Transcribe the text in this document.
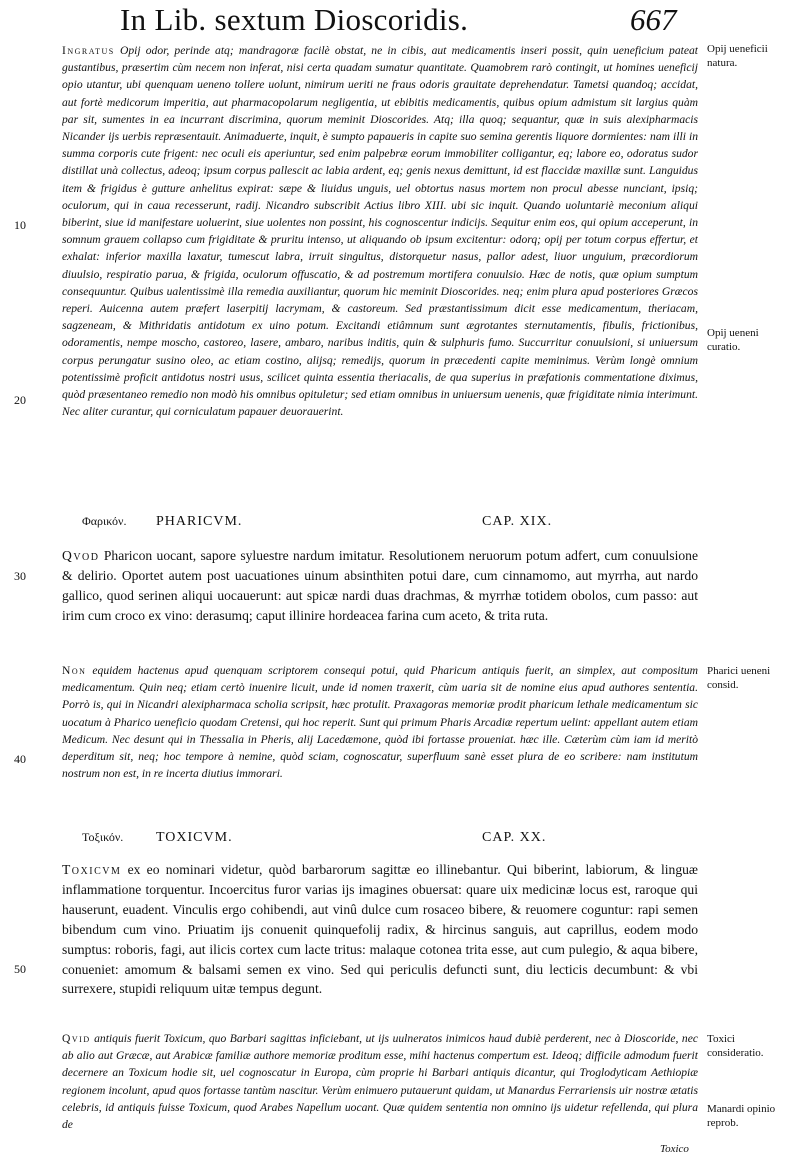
In Lib. sextum Dioscoridis.	667
10
20
30
40
50
Opij ueneficii natura.
Opij ueneni curatio.
Pharici ueneni consid.
Toxici consideratio.
Manardi opinio reprob.

Ingratus Opij odor, perinde atq; mandragoræ facilè obstat, ne in cibis, aut medicamentis inseri possit, quin ueneficium pateat gustantibus, præsertim cùm necem non inferat, nisi certa quadam sumatur quantitate. Quamobrem rarò contingit, ut homines ueneficij opio utantur, ubi quenquam ueneno tollere uolunt, nimirum ueriti ne fraus odoris grauitate deprehendatur. Tametsi quandoq; accidat, aut fortè medicorum imperitia, aut pharmacopolarum negligentia, ut ebibitis medicamentis, quibus opium admistum sit largius quàm par sit, sumentes in ea incurrant discrimina, quorum meminit Dioscorides. Atq; illa quoq; sequantur, quæ in suis alexipharmacis Nicander ijs uerbis repræsentauit. Animaduerte, inquit, è sumpto papaueris in capite suo semina gerentis liquore dormientes: nam illi in summa corporis cute frigent: nec oculi eis aperiuntur, sed enim palpebræ eorum immobiliter colligantur, eq; labore eo, odoratus sudor distillat unà collectus, adeoq; ipsum corpus pallescit ac labia ardent, eq; genis nexus demittunt, id est flaccidæ maxillæ sunt. Languidus item & frigidus è gutture anhelitus expirat: sæpe & liuidus unguis, uel obtortus nasus mortem non procul abesse nunciant, ipsiq; oculorum, qui in caua recesserunt, radij. Nicandro subscribit Actius libro XIII. ubi sic inquit. Quando uoluntariè meconium aliqui biberint, siue id manifestare uoluerint, siue uolentes non possint, his cognoscentur indicijs. Sequitur enim eos, qui opium acceperunt, in somnum grauem collapso cum frigiditate & pruritu intenso, ut aliquando ob ipsum excitentur: odorq; opij per totum corpus effertur, et exhalat: inferior maxilla laxatur, tumescut labra, irruit singultus, distorquetur nasus, pallor adest, liuor unguium, præcordiorum diuulsio, respiratio parua, & frigida, oculorum offuscatio, & ad postremum mortifera conuulsio. Hæc de notis, quæ opium sumptum consequuntur. Quibus ualentissimè illa remedia auxiliantur, quorum hic meminit Dioscorides. neq; enim plura apud posteriores Græcos reperi. Auicenna autem præfert laserpitij lacrymam, & castoreum. Sed præstantissimum dicit esse medicamentum, theriacam, sagzeneam, & Mithridatis antidotum ex uino potum. Excitandi etiâmnum sunt ægrotantes sternutamentis, fibulis, frictionibus, odoramentis, nempe moscho, castoreo, lasere, ambaro, naribus inditis, quin & sulphuris fumo. Succurritur conuulsioni, si uniuersum corpus perungatur susino oleo, ac etiam costino, alijsq; remedijs, quorum in præcedenti capite meminimus. Verùm longè omnium potentissimè proficit antidotus nostri usus, scilicet quinta essentia theriacalis, de qua superius in præfationis commentatione diximus, quòd præsentaneo remedio non modò his omnibus opituletur; sed etiam omnibus in uniuersum uenenis, quæ frigiditate nimia interimunt. Nec aliter curantur, qui corniculatum papauer deuorauerint.

Φαρικόν. PHARICVM.	CAP. XIX.

Qvod Pharicon uocant, sapore syluestre nardum imitatur. Resolutionem neruorum potum adfert, cum conuulsione & delirio. Oportet autem post uacuationes uinum absinthiten potui dare, cum cinnamomo, aut myrrha, aut nardo gallico, quod serinen aliqui uocauerunt: aut spicæ nardi duas drachmas, & myrrhæ totidem obolos, cum passo: aut irim cum croco ex vino: derasumq; caput illinire hordeacea farina cum aceto, & trita ruta.

Non equidem hactenus apud quenquam scriptorem consequi potui, quid Pharicum antiquis fuerit, an simplex, aut compositum medicamentum. Quin neq; etiam certò inuenire licuit, unde id nomen traxerit, cùm uaria sit de nomine eius apud authores sententia. Porrò is, qui in Nicandri alexipharmaca scholia scripsit, hæc protulit. Praxagoras memoriæ prodit pharicum lethale medicamentum sic uocatum à Pharico ueneficio quodam Cretensi, qui hoc reperit. Sunt qui primum Pharis Arcadiæ repertum uelint: appellant autem etiam Medicum. Nec desunt qui in Thessalia in Pheris, alij Lacedæmone, quòd ibi fortasse proueniat. hæc ille. Cæterùm cùm iam id meritò deperditum sit, neq; hoc tempore à nemine, quòd sciam, cognoscatur, superfluum sanè esset plura de eo scribere: nam institutum nostrum non est, in re incerta diutius immorari.

Τοξικόν. TOXICVM.	CAP. XX.

Toxicvm ex eo nominari videtur, quòd barbarorum sagittæ eo illinebantur. Qui biberint, labiorum, & linguæ inflammatione torquentur. Incoercitus furor varias ijs imagines obuersat: quare uix medicinæ locus est, raroque qui hauserunt, euadent. Vinculis ergo cohibendi, aut vinû dulce cum rosaceo bibere, & reuomere coguntur: rapi semen bibendum cum vino. Priuatim ijs conuenit quinquefolij radix, & hircinus sanguis, aut caprillus, eodem modo sumptus: roboris, fagi, aut ilicis cortex cum lacte tritus: malaque cotonea trita esse, aut cum pulegio, & aqua bibere, conueniet: amomum & balsami semen ex vino. Sed qui periculis defuncti sunt, diu lecticis decumbunt: & vbi surrexere, stupidi reliquum uitæ tempus degunt.

Qvid antiquis fuerit Toxicum, quo Barbari sagittas inficiebant, ut ijs uulneratos inimicos haud dubiè perderent, nec à Dioscoride, nec ab alio aut Græcæ, aut Arabicæ familiæ authore memoriæ proditum esse, mihi hactenus compertum est. Ideoq; difficile admodum fuerit decernere an Toxicum hodie sit, uel cognoscatur in Europa, cùm proprie hi Barbari antiquis dicantur, qui Troglodyticam Aethiopiæ regionem incolunt, apud quos fortasse tantùm nascitur. Verùm enimuero putauerunt quidam, ut Manardus Ferrariensis uir nostræ ætatis celebris, id antiquis fuisse Toxicum, quod Arabes Napellum uocant. Quæ quidem sententia non omnino ijs uidetur refellenda, qui plura de

Toxico
